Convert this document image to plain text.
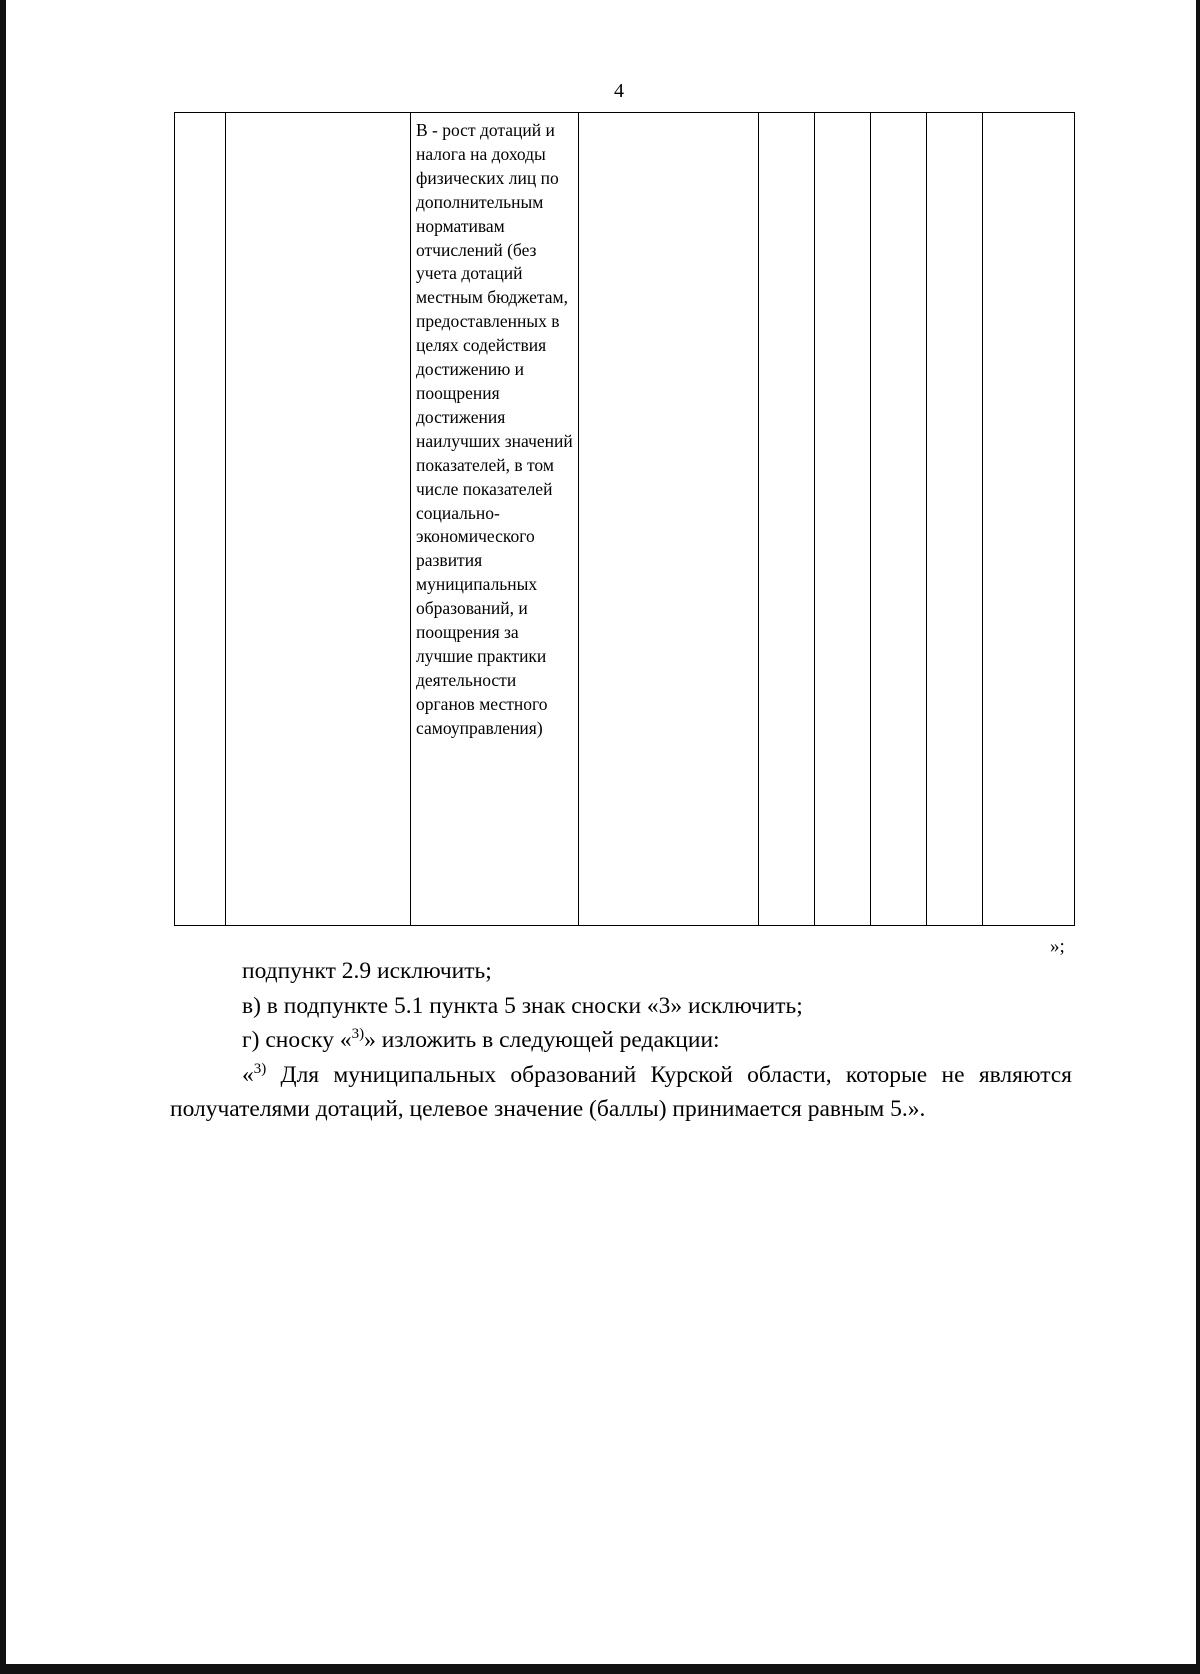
4

В - рост дотаций и налога на доходы физических лиц по дополнительным нормативам отчислений (без учета дотаций местным бюджетам, предоставленных в целях содействия достижению и поощрения достижения наилучших значений показателей, в том числе показателей социально-экономического развития муниципальных образований, и поощрения за лучшие практики деятельности органов местного самоуправления)

»;

подпункт 2.9 исключить;

в) в подпункте 5.1 пункта 5 знак сноски «3» исключить;

г) сноску «$^{3)}$» изложить в следующей редакции:

«$^{3)}$ Для муниципальных образований Курской области, которые не являются получателями дотаций, целевое значение (баллы) принимается равным 5.».
